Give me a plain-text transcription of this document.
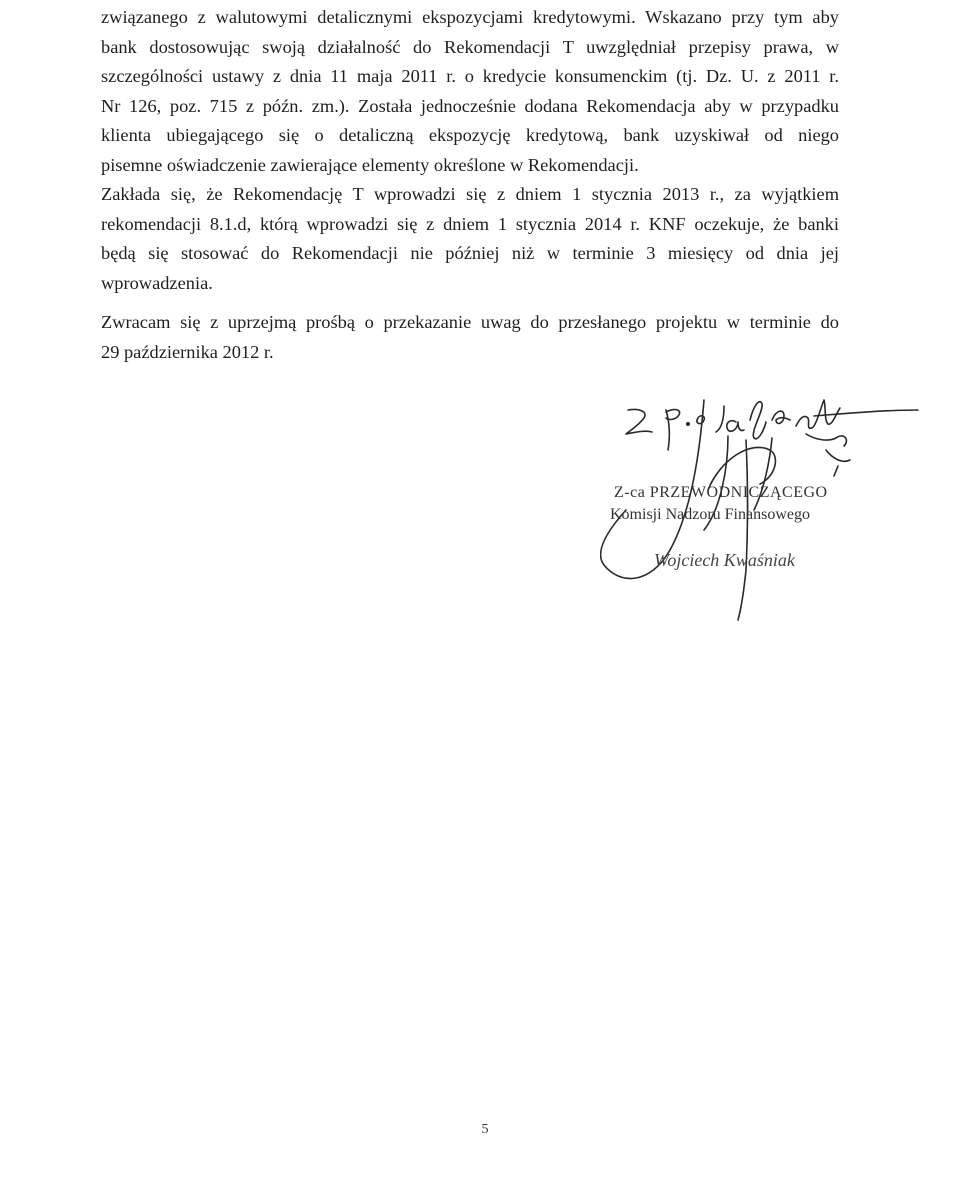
związanego z walutowymi detalicznymi ekspozycjami kredytowymi. Wskazano przy tym aby
bank dostosowując swoją działalność do Rekomendacji T uwzględniał przepisy prawa, w
szczególności ustawy z dnia 11 maja 2011 r. o kredycie konsumenckim (tj. Dz. U. z 2011 r.
Nr 126, poz. 715 z późn. zm.). Została jednocześnie dodana Rekomendacja aby w przypadku
klienta ubiegającego się o detaliczną ekspozycję kredytową, bank uzyskiwał od niego
pisemne oświadczenie zawierające elementy określone w Rekomendacji.
Zakłada się, że Rekomendację T wprowadzi się z dniem 1 stycznia 2013 r., za wyjątkiem
rekomendacji 8.1.d, którą wprowadzi się z dniem 1 stycznia 2014 r. KNF oczekuje, że banki
będą się stosować do Rekomendacji nie później niż w terminie 3 miesięcy od dnia jej
wprowadzenia.
Zwracam się z uprzejmą prośbą o przekazanie uwag do przesłanego projektu w terminie do
29 października 2012 r.
Z-ca PRZEWODNICZĄCEGO
Komisji Nadzoru Finansowego
Wojciech Kwaśniak
5
